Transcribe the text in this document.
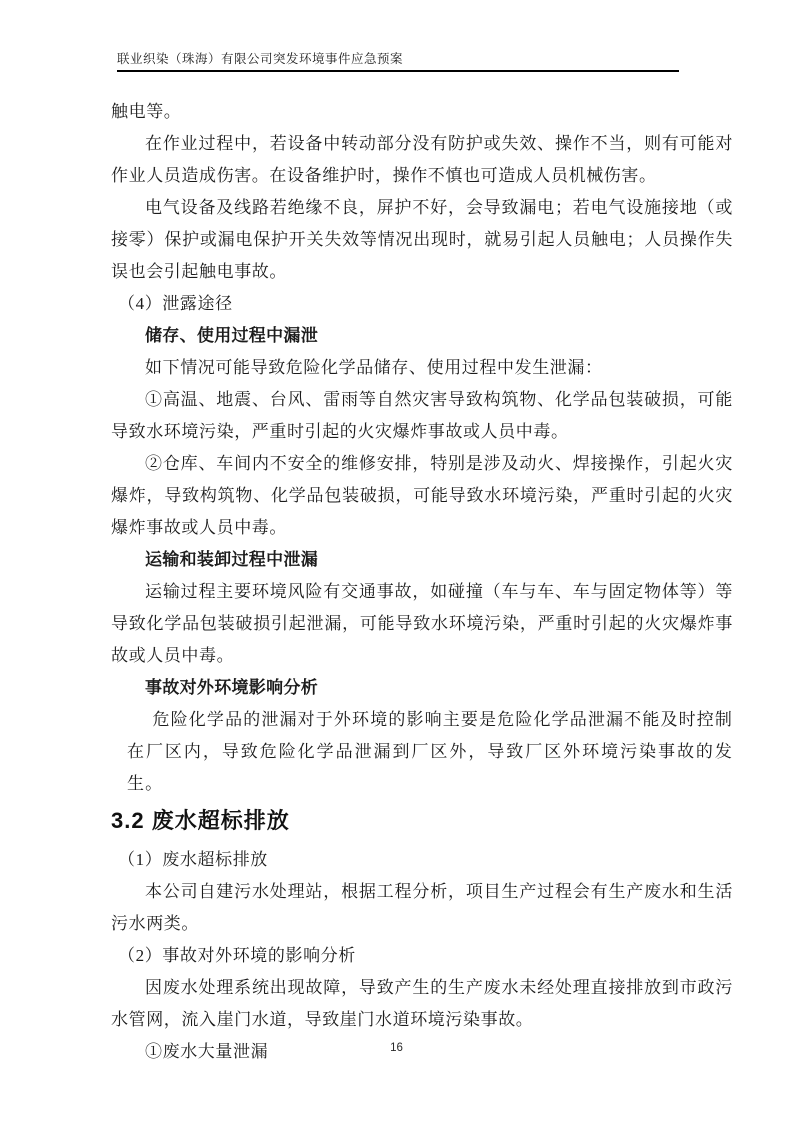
联业织染（珠海）有限公司突发环境事件应急预案

触电等。

在作业过程中，若设备中转动部分没有防护或失效、操作不当，则有可能对作业人员造成伤害。在设备维护时，操作不慎也可造成人员机械伤害。

电气设备及线路若绝缘不良，屏护不好，会导致漏电；若电气设施接地（或接零）保护或漏电保护开关失效等情况出现时，就易引起人员触电；人员操作失误也会引起触电事故。

（4）泄露途径

储存、使用过程中漏泄

如下情况可能导致危险化学品储存、使用过程中发生泄漏：

①高温、地震、台风、雷雨等自然灾害导致构筑物、化学品包装破损，可能导致水环境污染，严重时引起的火灾爆炸事故或人员中毒。

②仓库、车间内不安全的维修安排，特别是涉及动火、焊接操作，引起火灾爆炸，导致构筑物、化学品包装破损，可能导致水环境污染，严重时引起的火灾爆炸事故或人员中毒。

运输和装卸过程中泄漏

运输过程主要环境风险有交通事故，如碰撞（车与车、车与固定物体等）等导致化学品包装破损引起泄漏，可能导致水环境污染，严重时引起的火灾爆炸事故或人员中毒。

事故对外环境影响分析

危险化学品的泄漏对于外环境的影响主要是危险化学品泄漏不能及时控制在厂区内，导致危险化学品泄漏到厂区外，导致厂区外环境污染事故的发生。

3.2 废水超标排放

（1）废水超标排放

本公司自建污水处理站，根据工程分析，项目生产过程会有生产废水和生活污水两类。

（2）事故对外环境的影响分析

因废水处理系统出现故障，导致产生的生产废水未经处理直接排放到市政污水管网，流入崖门水道，导致崖门水道环境污染事故。

①废水大量泄漏	16
